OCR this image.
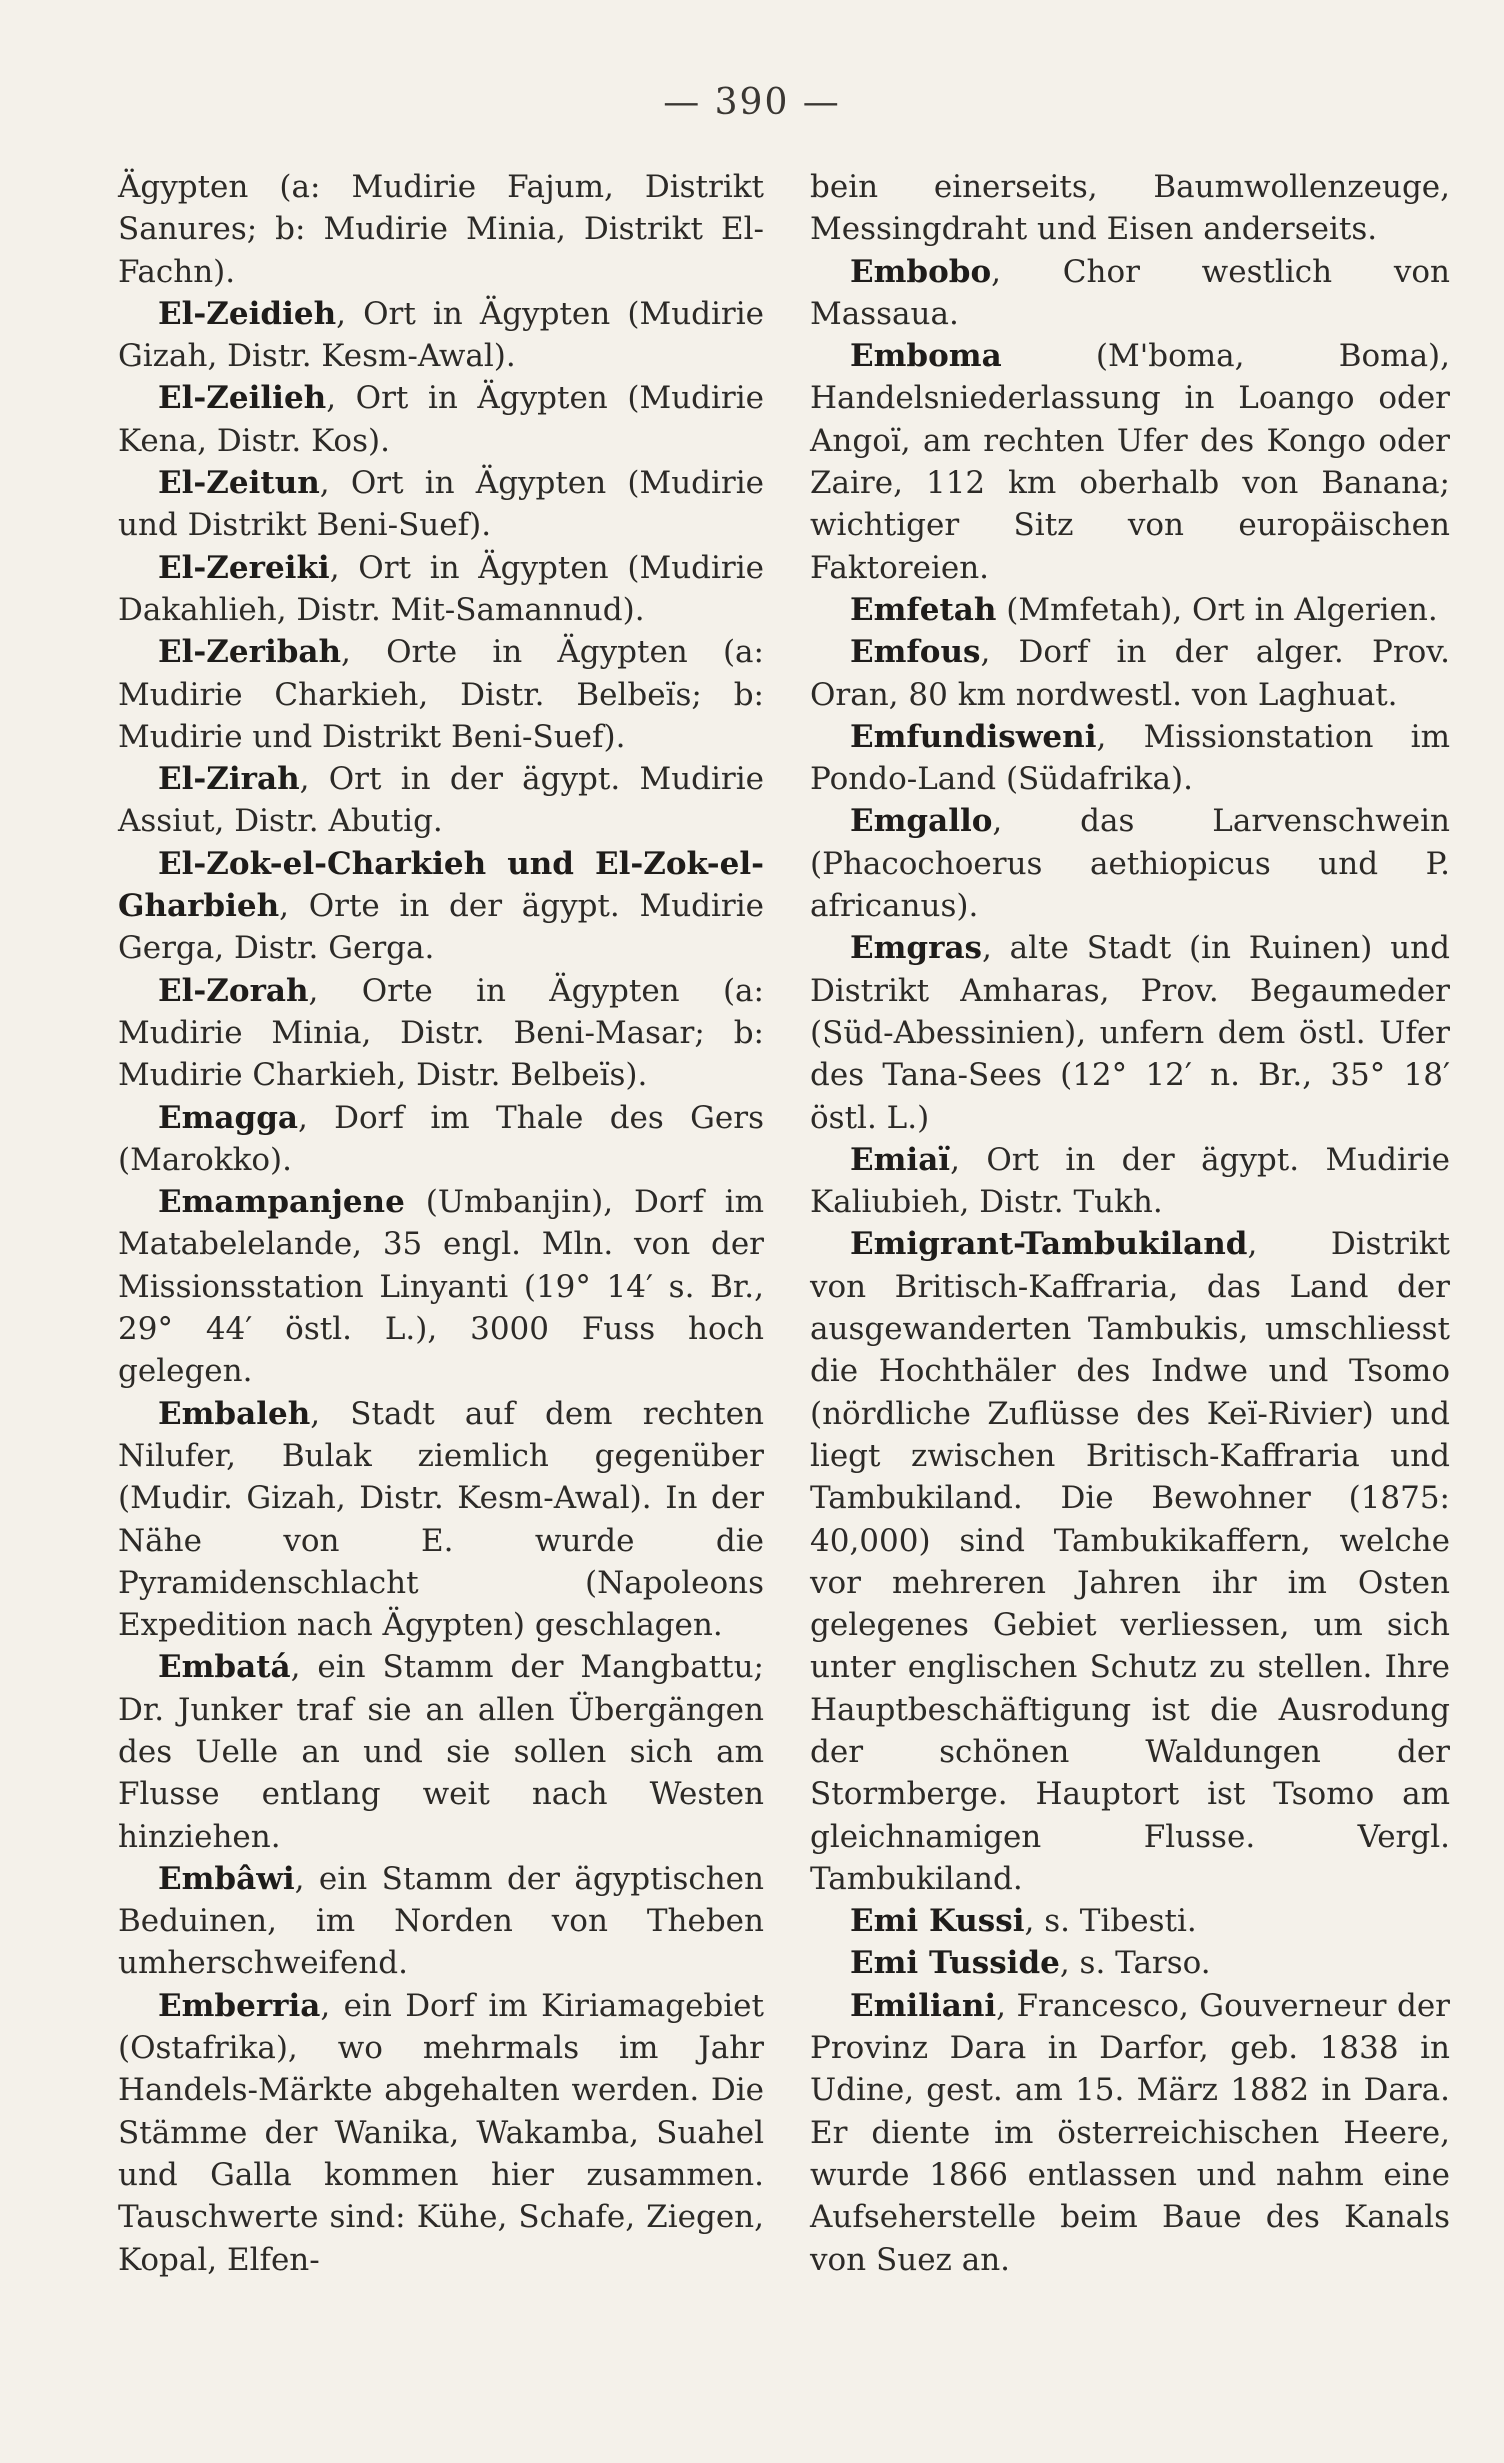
— 390 —

Ägypten (a: Mudirie Fajum, Distrikt Sanures; b: Mudirie Minia, Distrikt El-Fachn).

El-Zeidieh, Ort in Ägypten (Mudirie Gizah, Distr. Kesm-Awal).

El-Zeilieh, Ort in Ägypten (Mudirie Kena, Distr. Kos).

El-Zeitun, Ort in Ägypten (Mudirie und Distrikt Beni-Suef).

El-Zereiki, Ort in Ägypten (Mudirie Dakahlieh, Distr. Mit-Samannud).

El-Zeribah, Orte in Ägypten (a: Mudirie Charkieh, Distr. Belbeïs; b: Mudirie und Distrikt Beni-Suef).

El-Zirah, Ort in der ägypt. Mudirie Assiut, Distr. Abutig.

El-Zok-el-Charkieh und El-Zok-el-Gharbieh, Orte in der ägypt. Mudirie Gerga, Distr. Gerga.

El-Zorah, Orte in Ägypten (a: Mudirie Minia, Distr. Beni-Masar; b: Mudirie Charkieh, Distr. Belbeïs).

Emagga, Dorf im Thale des Gers (Marokko).

Emampanjene (Umbanjin), Dorf im Matabelelande, 35 engl. Mln. von der Missionsstation Linyanti (19° 14′ s. Br., 29° 44′ östl. L.), 3000 Fuss hoch gelegen.

Embaleh, Stadt auf dem rechten Nilufer, Bulak ziemlich gegenüber (Mudir. Gizah, Distr. Kesm-Awal). In der Nähe von E. wurde die Pyramidenschlacht (Napoleons Expedition nach Ägypten) geschlagen.

Embatá, ein Stamm der Mangbattu; Dr. Junker traf sie an allen Übergängen des Uelle an und sie sollen sich am Flusse entlang weit nach Westen hinziehen.

Embâwi, ein Stamm der ägyptischen Beduinen, im Norden von Theben umherschweifend.

Emberria, ein Dorf im Kiriamagebiet (Ostafrika), wo mehrmals im Jahr Handels-Märkte abgehalten werden. Die Stämme der Wanika, Wakamba, Suahel und Galla kommen hier zusammen. Tauschwerte sind: Kühe, Schafe, Ziegen, Kopal, Elfen-

bein einerseits, Baumwollenzeuge, Messingdraht und Eisen anderseits.

Embobo, Chor westlich von Massaua.

Emboma (M'boma, Boma), Handelsniederlassung in Loango oder Angoï, am rechten Ufer des Kongo oder Zaire, 112 km oberhalb von Banana; wichtiger Sitz von europäischen Faktoreien.

Emfetah (Mmfetah), Ort in Algerien.

Emfous, Dorf in der alger. Prov. Oran, 80 km nordwestl. von Laghuat.

Emfundisweni, Missionstation im Pondo-Land (Südafrika).

Emgallo, das Larvenschwein (Phacochoerus aethiopicus und P. africanus).

Emgras, alte Stadt (in Ruinen) und Distrikt Amharas, Prov. Begaumeder (Süd-Abessinien), unfern dem östl. Ufer des Tana-Sees (12° 12′ n. Br., 35° 18′ östl. L.)

Emiaï, Ort in der ägypt. Mudirie Kaliubieh, Distr. Tukh.

Emigrant-Tambukiland, Distrikt von Britisch-Kaffraria, das Land der ausgewanderten Tambukis, umschliesst die Hochthäler des Indwe und Tsomo (nördliche Zuflüsse des Keï-Rivier) und liegt zwischen Britisch-Kaffraria und Tambukiland. Die Bewohner (1875: 40,000) sind Tambukikaffern, welche vor mehreren Jahren ihr im Osten gelegenes Gebiet verliessen, um sich unter englischen Schutz zu stellen. Ihre Hauptbeschäftigung ist die Ausrodung der schönen Waldungen der Stormberge. Hauptort ist Tsomo am gleichnamigen Flusse. Vergl. Tambukiland.

Emi Kussi, s. Tibesti.

Emi Tusside, s. Tarso.

Emiliani, Francesco, Gouverneur der Provinz Dara in Darfor, geb. 1838 in Udine, gest. am 15. März 1882 in Dara. Er diente im österreichischen Heere, wurde 1866 entlassen und nahm eine Aufseherstelle beim Baue des Kanals von Suez an.
